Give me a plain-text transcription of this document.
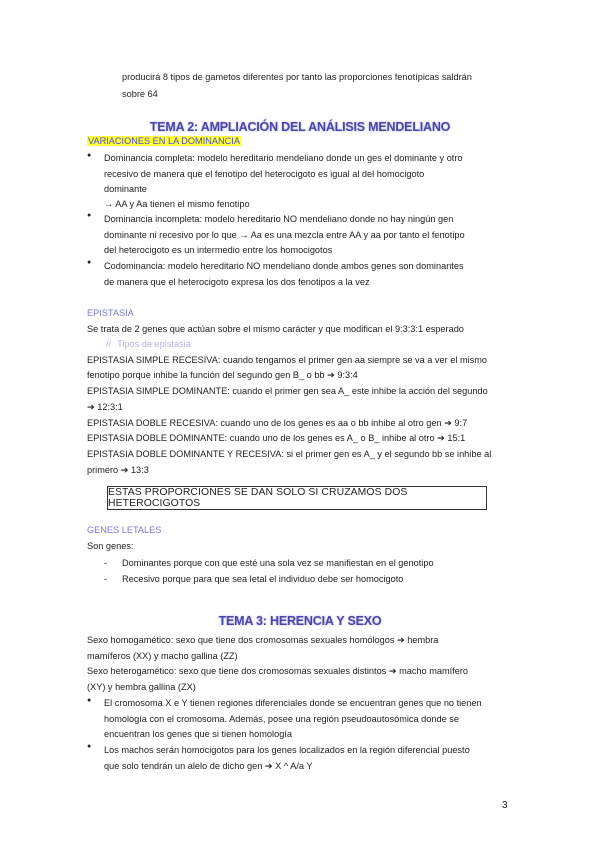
producirá 8 tipos de gametos diferentes por tanto las proporciones fenotípicas saldrán
sobre 64
TEMA 2: AMPLIACIÓN DEL ANÁLISIS MENDELIANO
VARIACIONES EN LA DOMINANCIA
● Dominancia completa: modelo hereditario mendeliano donde un ges el dominante y otro
recesivo de manera que el fenotipo del heterocigoto es igual al del homocigoto
dominante
→ AA y Aa tienen el mismo fenotipo
● Dominancia incompleta: modelo hereditario NO mendeliano donde no hay ningún gen
dominante ni recesivo por lo que → Aa es una mezcla entre AA y aa por tanto el fenotipo
del heterocigoto es un intermedio entre los homocigotos
● Codominancia: modelo hereditario NO mendeliano donde ambos genes son dominantes
de manera que el heterocigoto expresa los dos fenotipos a la vez
EPISTASIA
Se trata de 2 genes que actúan sobre el mismo carácter y que modifican el 9:3:3:1 esperado
// Tipos de epistasia
EPISTASIA SIMPLE RECESIVA: cuando tengamos el primer gen aa siempre se va a ver el mismo
fenotipo porque inhibe la función del segundo gen B_ o bb ➔ 9:3:4
EPISTASIA SIMPLE DOMINANTE: cuando el primer gen sea A_ este inhibe la acción del segundo
➔ 12:3:1
EPISTASIA DOBLE RECESIVA: cuando uno de los genes es aa o bb inhibe al otro gen ➔ 9:7
EPISTASIA DOBLE DOMINANTE: cuando uno de los genes es A_ o B_ inhibe al otro ➔ 15:1
EPISTASIA DOBLE DOMINANTE Y RECESIVA: si el primer gen es A_ y el segundo bb se inhibe al
primero ➔ 13:3
ESTAS PROPORCIONES SE DAN SOLO SI CRUZAMOS DOS HETEROCIGOTOS
GENES LETALES
Son genes:
- Dominantes porque con que esté una sola vez se manifiestan en el genotipo
- Recesivo porque para que sea letal el individuo debe ser homocigoto
TEMA 3: HERENCIA Y SEXO
Sexo homogamético: sexo que tiene dos cromosomas sexuales homólogos ➔ hembra
mamíferos (XX) y macho gallina (ZZ)
Sexo heterogamético: sexo que tiene dos cromosomas sexuales distintos ➔ macho mamífero
(XY) y hembra gallina (ZX)
● El cromosoma X e Y tienen regiones diferenciales donde se encuentran genes que no tienen
homología con el cromosoma. Además, posee una región pseudoautosómica donde se
encuentran los genes que si tienen homología
● Los machos serán homocigotos para los genes localizados en la región diferencial puesto
que solo tendrán un alelo de dicho gen ➔ X ^ A/a Y
3
